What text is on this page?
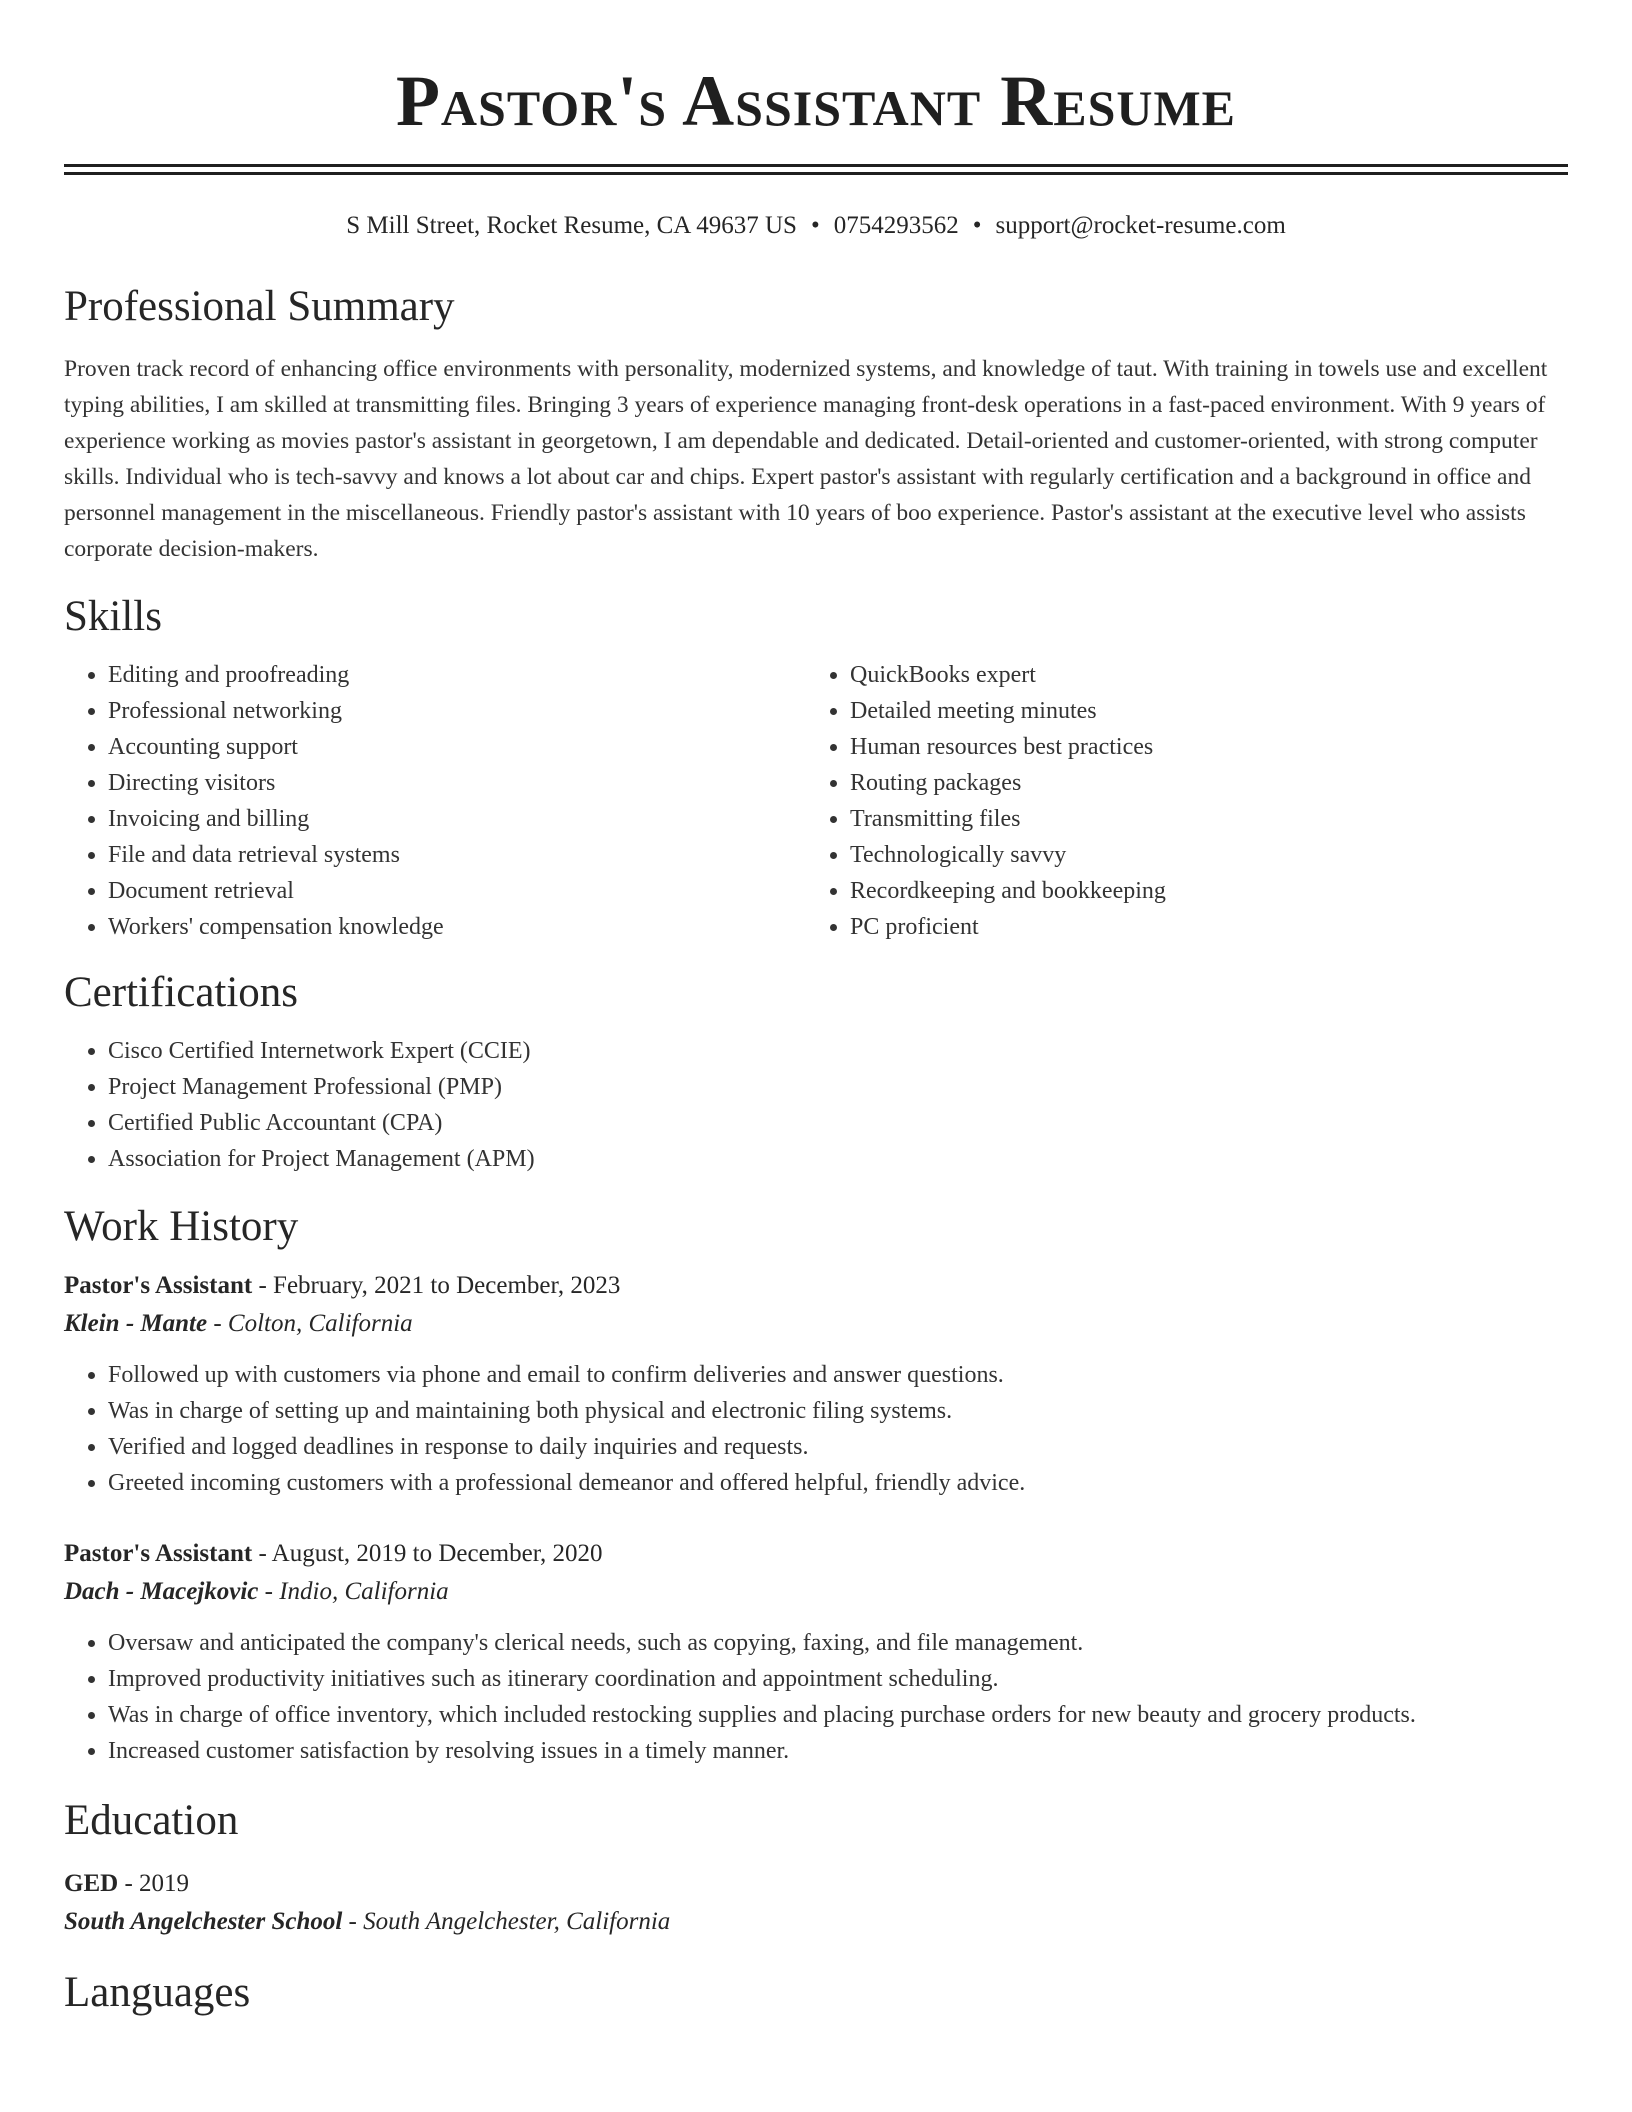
Pastor's Assistant Resume
S Mill Street, Rocket Resume, CA 49637 US • 0754293562 • support@rocket-resume.com
Professional Summary

Proven track record of enhancing office environments with personality, modernized systems, and knowledge of taut. With training in towels use and excellent typing abilities, I am skilled at transmitting files. Bringing 3 years of experience managing front-desk operations in a fast-paced environment. With 9 years of experience working as movies pastor's assistant in georgetown, I am dependable and dedicated. Detail-oriented and customer-oriented, with strong computer skills. Individual who is tech-savvy and knows a lot about car and chips. Expert pastor's assistant with regularly certification and a background in office and personnel management in the miscellaneous. Friendly pastor's assistant with 10 years of boo experience. Pastor's assistant at the executive level who assists corporate decision-makers.

Skills
• Editing and proofreading
• Professional networking
• Accounting support
• Directing visitors
• Invoicing and billing
• File and data retrieval systems
• Document retrieval
• Workers' compensation knowledge
• QuickBooks expert
• Detailed meeting minutes
• Human resources best practices
• Routing packages
• Transmitting files
• Technologically savvy
• Recordkeeping and bookkeeping
• PC proficient
Certifications
• Cisco Certified Internetwork Expert (CCIE)
• Project Management Professional (PMP)
• Certified Public Accountant (CPA)
• Association for Project Management (APM)
Work History
Pastor's Assistant - February, 2021 to December, 2023
Klein - Mante - Colton, California
• Followed up with customers via phone and email to confirm deliveries and answer questions.
• Was in charge of setting up and maintaining both physical and electronic filing systems.
• Verified and logged deadlines in response to daily inquiries and requests.
• Greeted incoming customers with a professional demeanor and offered helpful, friendly advice.
Pastor's Assistant - August, 2019 to December, 2020
Dach - Macejkovic - Indio, California
• Oversaw and anticipated the company's clerical needs, such as copying, faxing, and file management.
• Improved productivity initiatives such as itinerary coordination and appointment scheduling.
• Was in charge of office inventory, which included restocking supplies and placing purchase orders for new beauty and grocery products.
• Increased customer satisfaction by resolving issues in a timely manner.
Education
GED - 2019
South Angelchester School - South Angelchester, California
Languages
